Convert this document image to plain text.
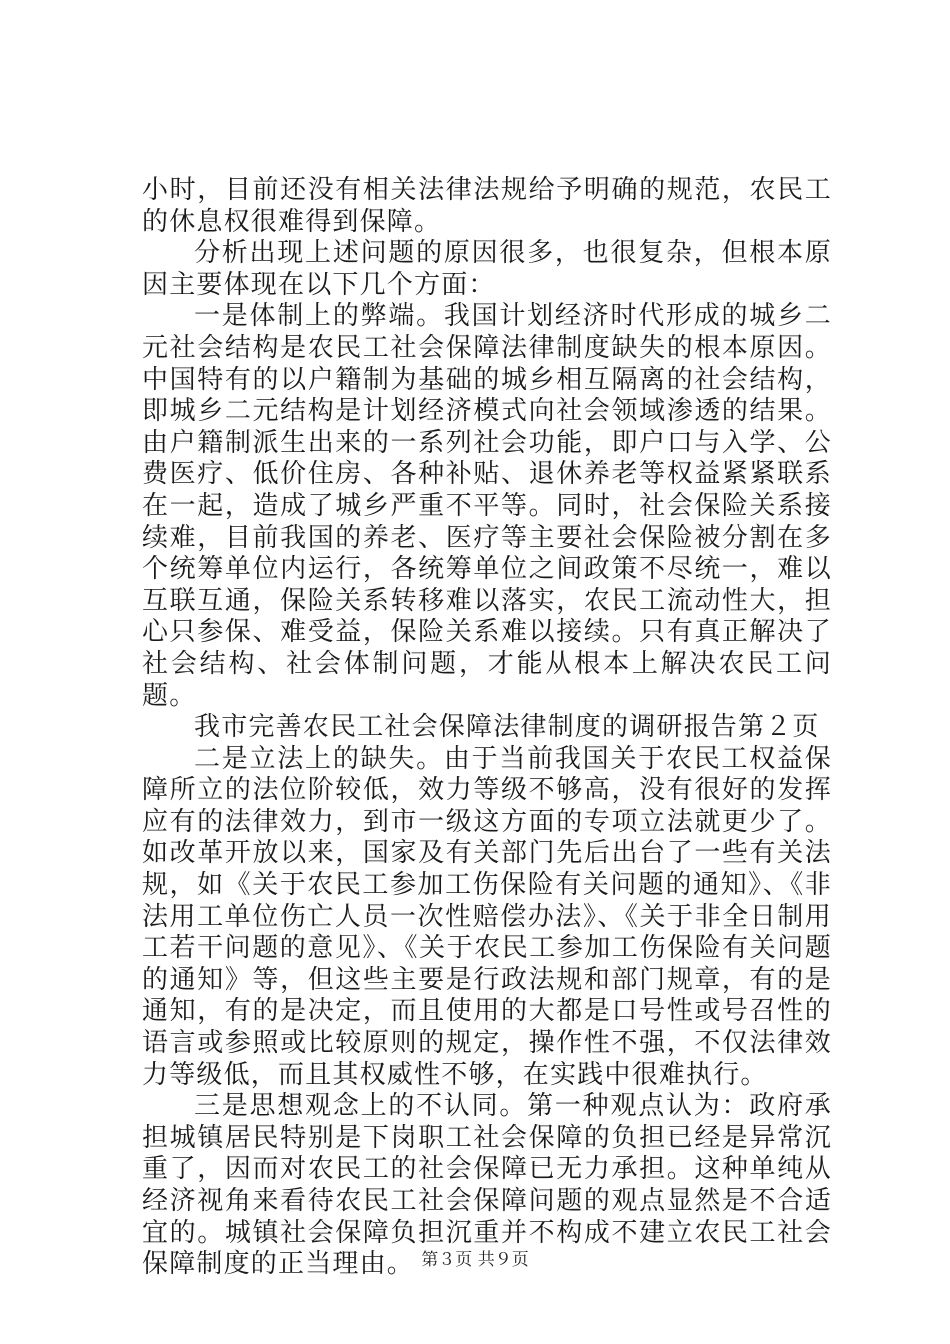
小时，目前还没有相关法律法规给予明确的规范，农民工的休息权很难得到保障。

分析出现上述问题的原因很多，也很复杂，但根本原因主要体现在以下几个方面：

一是体制上的弊端。我国计划经济时代形成的城乡二元社会结构是农民工社会保障法律制度缺失的根本原因。中国特有的以户籍制为基础的城乡相互隔离的社会结构，即城乡二元结构是计划经济模式向社会领域渗透的结果。由户籍制派生出来的一系列社会功能，即户口与入学、公费医疗、低价住房、各种补贴、退休养老等权益紧紧联系在一起，造成了城乡严重不平等。同时，社会保险关系接续难，目前我国的养老、医疗等主要社会保险被分割在多个统筹单位内运行，各统筹单位之间政策不尽统一，难以互联互通，保险关系转移难以落实，农民工流动性大，担心只参保、难受益，保险关系难以接续。只有真正解决了社会结构、社会体制问题，才能从根本上解决农民工问题。

我市完善农民工社会保障法律制度的调研报告第２页

二是立法上的缺失。由于当前我国关于农民工权益保障所立的法位阶较低，效力等级不够高，没有很好的发挥应有的法律效力，到市一级这方面的专项立法就更少了。如改革开放以来，国家及有关部门先后出台了一些有关法规，如《关于农民工参加工伤保险有关问题的通知》、《非法用工单位伤亡人员一次性赔偿办法》、《关于非全日制用工若干问题的意见》、《关于农民工参加工伤保险有关问题的通知》等，但这些主要是行政法规和部门规章，有的是通知，有的是决定，而且使用的大都是口号性或号召性的语言或参照或比较原则的规定，操作性不强，不仅法律效力等级低，而且其权威性不够，在实践中很难执行。

三是思想观念上的不认同。第一种观点认为：政府承担城镇居民特别是下岗职工社会保障的负担已经是异常沉重了，因而对农民工的社会保障已无力承担。这种单纯从经济视角来看待农民工社会保障问题的观点显然是不合适宜的。城镇社会保障负担沉重并不构成不建立农民工社会保障制度的正当理由。 第３页 共９页
